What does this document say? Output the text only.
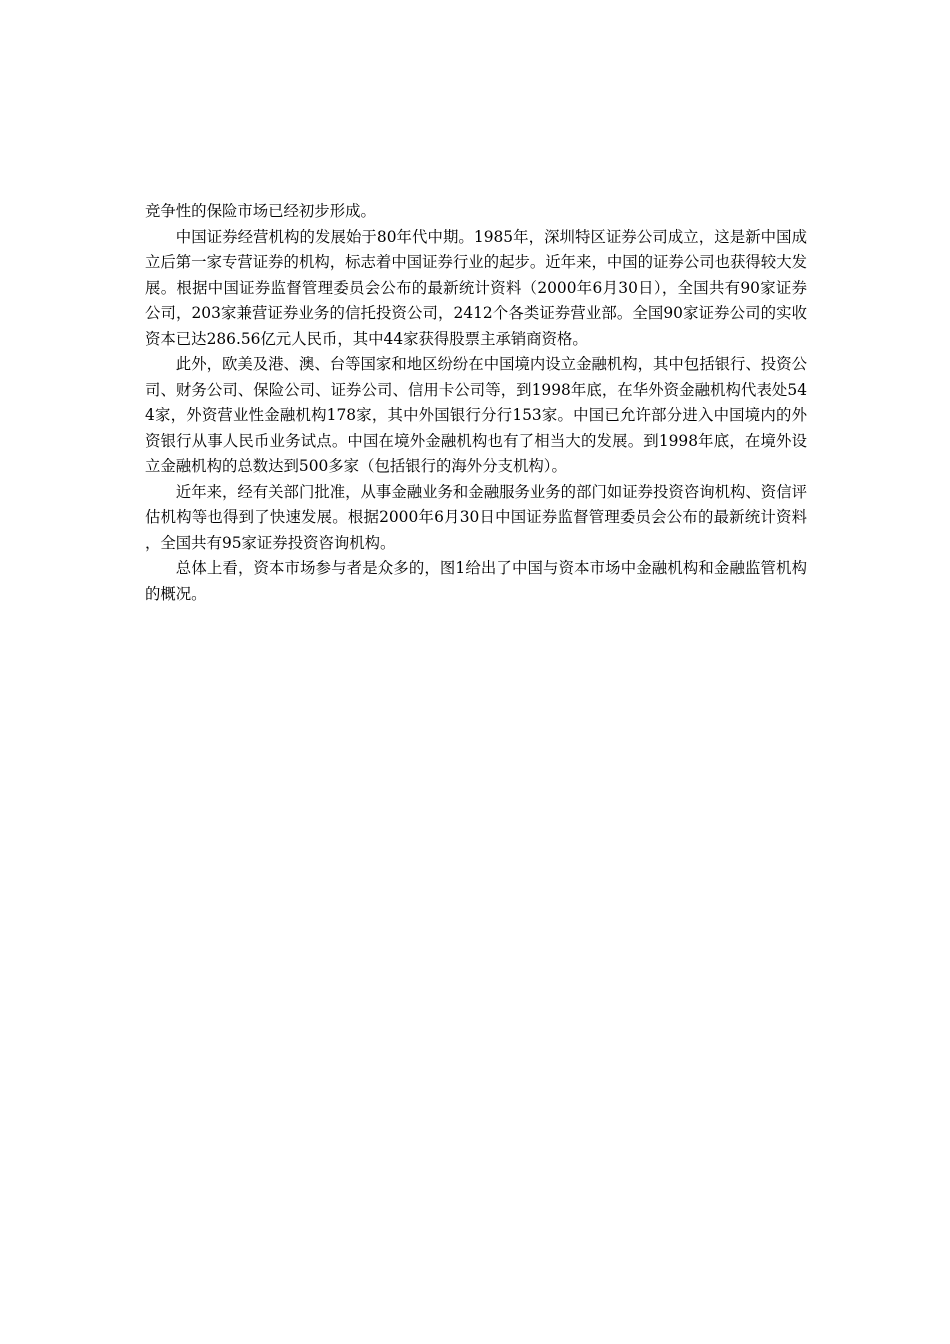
竞争性的保险市场已经初步形成。

中国证券经营机构的发展始于80年代中期。1985年，深圳特区证券公司成立，这是新中国成立后第一家专营证券的机构，标志着中国证券行业的起步。近年来，中国的证券公司也获得较大发展。根据中国证券监督管理委员会公布的最新统计资料（2000年6月30日），全国共有90家证券公司，203家兼营证券业务的信托投资公司，2412个各类证券营业部。全国90家证券公司的实收资本已达286.56亿元人民币，其中44家获得股票主承销商资格。

此外，欧美及港、澳、台等国家和地区纷纷在中国境内设立金融机构，其中包括银行、投资公司、财务公司、保险公司、证券公司、信用卡公司等，到1998年底，在华外资金融机构代表处544家，外资营业性金融机构178家，其中外国银行分行153家。中国已允许部分进入中国境内的外资银行从事人民币业务试点。中国在境外金融机构也有了相当大的发展。到1998年底，在境外设立金融机构的总数达到500多家（包括银行的海外分支机构）。

近年来，经有关部门批准，从事金融业务和金融服务业务的部门如证券投资咨询机构、资信评估机构等也得到了快速发展。根据2000年6月30日中国证券监督管理委员会公布的最新统计资料，全国共有95家证券投资咨询机构。

总体上看，资本市场参与者是众多的，图1给出了中国与资本市场中金融机构和金融监管机构的概况。
